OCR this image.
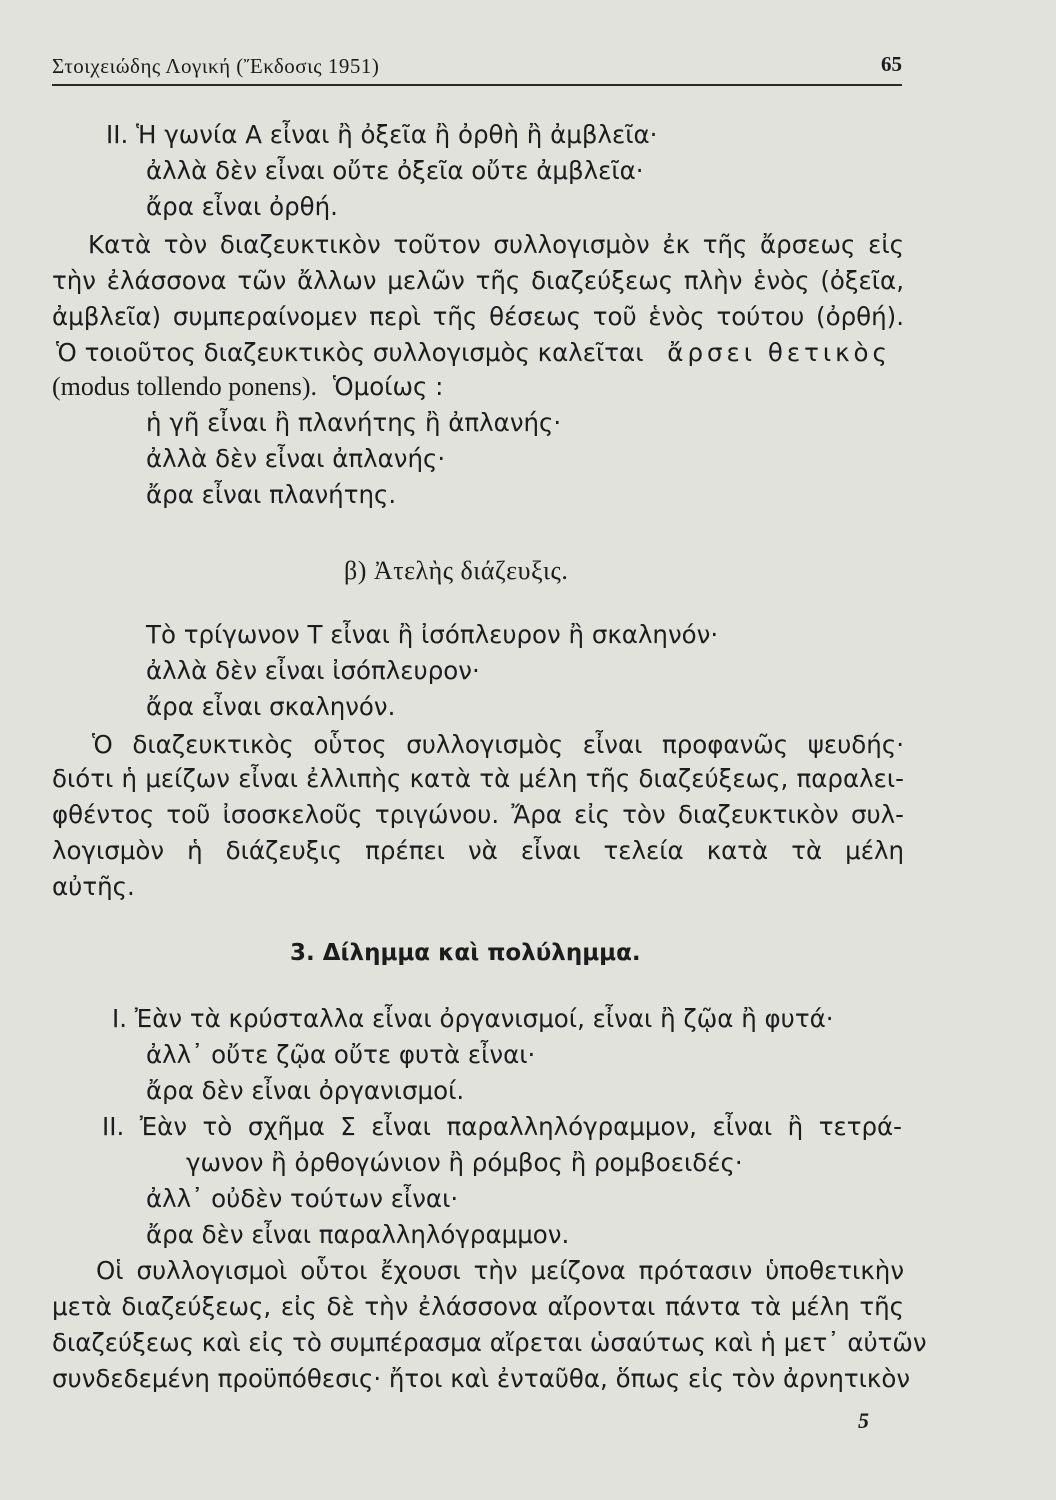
Στοιχειώδης Λογική (Ἔκδοσις 1951)	65
ΙΙ. Ἡ γωνία Α εἶναι ἢ ὀξεῖα ἢ ὀρθὴ ἢ ἀμβλεῖα·
ἀλλὰ δὲν εἶναι οὔτε ὀξεῖα οὔτε ἀμβλεῖα·
ἄρα εἶναι ὀρθή.
Κατὰ τὸν διαζευκτικὸν τοῦτον συλλογισμὸν ἐκ τῆς ἄρσεως εἰς
τὴν ἐλάσσονα τῶν ἄλλων μελῶν τῆς διαζεύξεως πλὴν ἑνὸς (ὀξεῖα,
ἀμβλεῖα) συμπεραίνομεν περὶ τῆς θέσεως τοῦ ἑνὸς τούτου (ὀρθή).
Ὁ τοιοῦτος διαζευκτικὸς συλλογισμὸς καλεῖται ἄρσει θετικὸς
(modus tollendo ponens). Ὁμοίως :
ἡ γῆ εἶναι ἢ πλανήτης ἢ ἀπλανής·
ἀλλὰ δὲν εἶναι ἀπλανής·
ἄρα εἶναι πλανήτης.
β) Ἀτελὴς διάζευξις.
Τὸ τρίγωνον Τ εἶναι ἢ ἰσόπλευρον ἢ σκαληνόν·
ἀλλὰ δὲν εἶναι ἰσόπλευρον·
ἄρα εἶναι σκαληνόν.
Ὁ διαζευκτικὸς οὗτος συλλογισμὸς εἶναι προφανῶς ψευδής·
διότι ἡ μείζων εἶναι ἐλλιπὴς κατὰ τὰ μέλη τῆς διαζεύξεως, παραλει-
φθέντος τοῦ ἰσοσκελοῦς τριγώνου. Ἄρα εἰς τὸν διαζευκτικὸν συλ-
λογισμὸν ἡ διάζευξις πρέπει νὰ εἶναι τελεία κατὰ τὰ μέλη
αὐτῆς.
3. Δίλημμα καὶ πολύλημμα.
Ι. Ἐὰν τὰ κρύσταλλα εἶναι ὀργανισμοί, εἶναι ἢ ζῷα ἢ φυτά·
ἀλλ᾽ οὔτε ζῷα οὔτε φυτὰ εἶναι·
ἄρα δὲν εἶναι ὀργανισμοί.
ΙΙ. Ἐὰν τὸ σχῆμα Σ εἶναι παραλληλόγραμμον, εἶναι ἢ τετρά-
γωνον ἢ ὀρθογώνιον ἢ ρόμβος ἢ ρομβοειδές·
ἀλλ᾽ οὐδὲν τούτων εἶναι·
ἄρα δὲν εἶναι παραλληλόγραμμον.
Οἱ συλλογισμοὶ οὗτοι ἔχουσι τὴν μείζονα πρότασιν ὑποθετικὴν
μετὰ διαζεύξεως, εἰς δὲ τὴν ἐλάσσονα αἴρονται πάντα τὰ μέλη τῆς
διαζεύξεως καὶ εἰς τὸ συμπέρασμα αἴρεται ὡσαύτως καὶ ἡ μετ᾽ αὐτῶν
συνδεδεμένη προϋπόθεσις· ἤτοι καὶ ἐνταῦθα, ὅπως εἰς τὸν ἀρνητικὸν
5
